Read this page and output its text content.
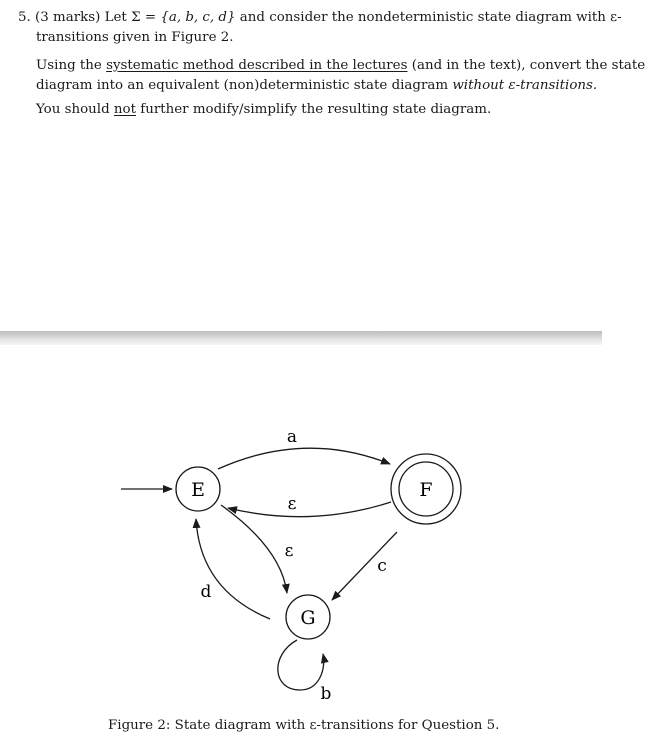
5. (3 marks) Let Σ = {a, b, c, d} and consider the nondeterministic state diagram with ε-

transitions given in Figure 2.

Using the systematic method described in the lectures (and in the text), convert the state

diagram into an equivalent (non)deterministic state diagram without ε-transitions.

You should not further modify/simplify the resulting state diagram.

E	F
G
a
ε
ε
c
d
b
Figure 2: State diagram with ε-transitions for Question 5.
